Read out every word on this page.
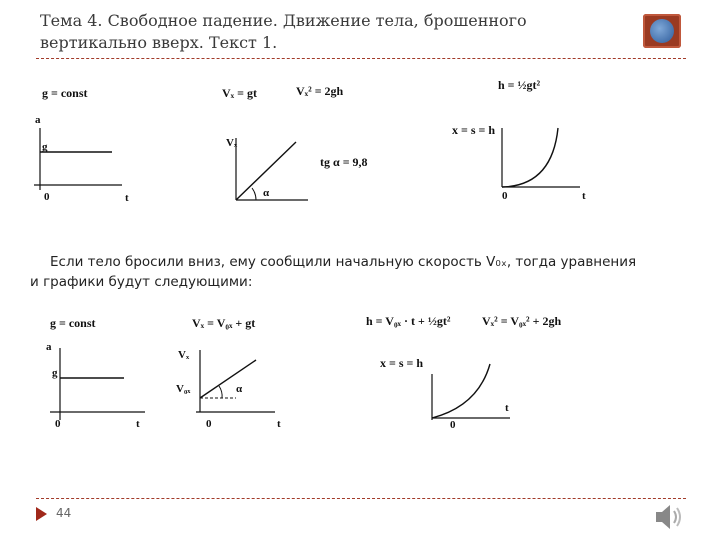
Тема 4. Свободное падение. Движение тела, брошенного вертикально вверх. Текст 1.
g = const	Vₓ = gt	Vₓ² = 2gh	h = ½gt²
x = s = h
tg α = 9,8
a
g
0	t
Vₓ
α	0	t
a
g
0	t
Vₓ
V₀ₓ	α
0	t	0
t
Если тело бросили вниз, ему сообщили начальную скорость V₀ₓ, тогда уравнения
и графики будут следующими:
g = const	Vₓ = V₀ₓ + gt	h = V₀ₓ · t + ½gt²	Vₓ² = V₀ₓ² + 2gh
x = s = h
44
